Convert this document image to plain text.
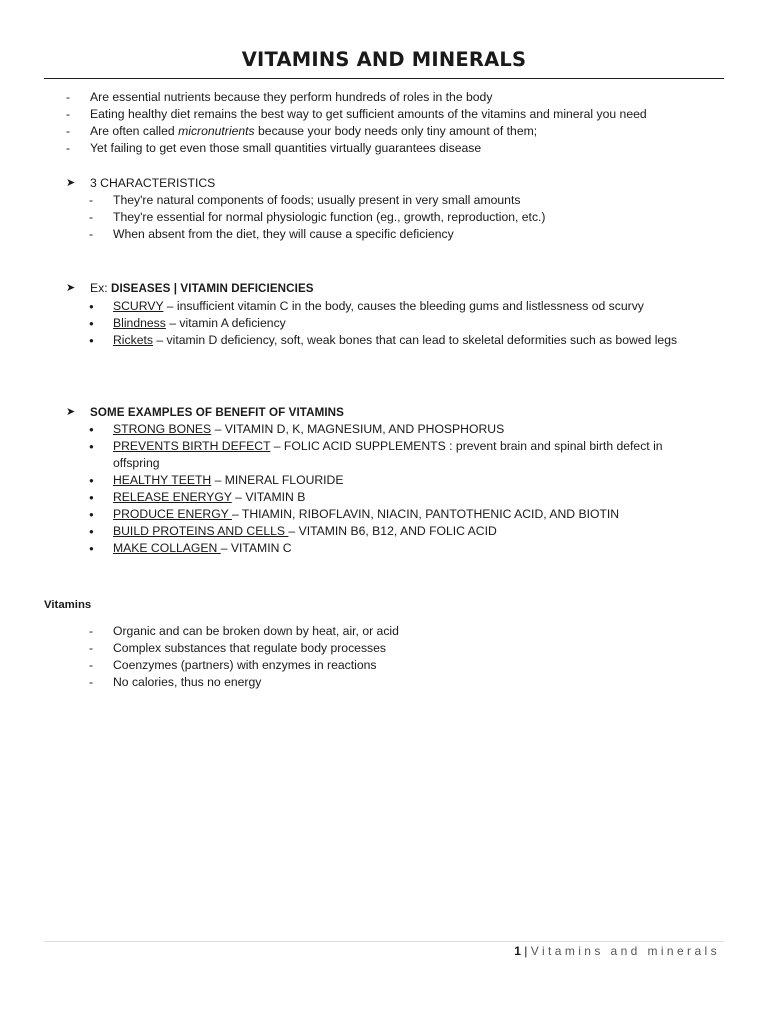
VITAMINS AND MINERALS
- Are essential nutrients because they perform hundreds of roles in the body
- Eating healthy diet remains the best way to get sufficient amounts of the vitamins and mineral you need
- Are often called micronutrients because your body needs only tiny amount of them;
- Yet failing to get even those small quantities virtually guarantees disease
➤	3 CHARACTERISTICS
- They're natural components of foods; usually present in very small amounts
- They're essential for normal physiologic function (eg., growth, reproduction, etc.)
- When absent from the diet, they will cause a specific deficiency
➤	Ex: DISEASES | VITAMIN DEFICIENCIES
● SCURVY – insufficient vitamin C in the body, causes the bleeding gums and listlessness od scurvy
● Blindness – vitamin A deficiency
● Rickets – vitamin D deficiency, soft, weak bones that can lead to skeletal deformities such as bowed legs
➤	SOME EXAMPLES OF BENEFIT OF VITAMINS
● STRONG BONES – VITAMIN D, K, MAGNESIUM, AND PHOSPHORUS
● PREVENTS BIRTH DEFECT – FOLIC ACID SUPPLEMENTS : prevent brain and spinal birth defect in offspring
● HEALTHY TEETH – MINERAL FLOURIDE
● RELEASE ENERYGY – VITAMIN B
● PRODUCE ENERGY – THIAMIN, RIBOFLAVIN, NIACIN, PANTOTHENIC ACID, AND BIOTIN
● BUILD PROTEINS AND CELLS – VITAMIN B6, B12, AND FOLIC ACID
● MAKE COLLAGEN – VITAMIN C
Vitamins
- Organic and can be broken down by heat, air, or acid
- Complex substances that regulate body processes
- Coenzymes (partners) with enzymes in reactions
- No calories, thus no energy
1 | Vitamins and minerals
